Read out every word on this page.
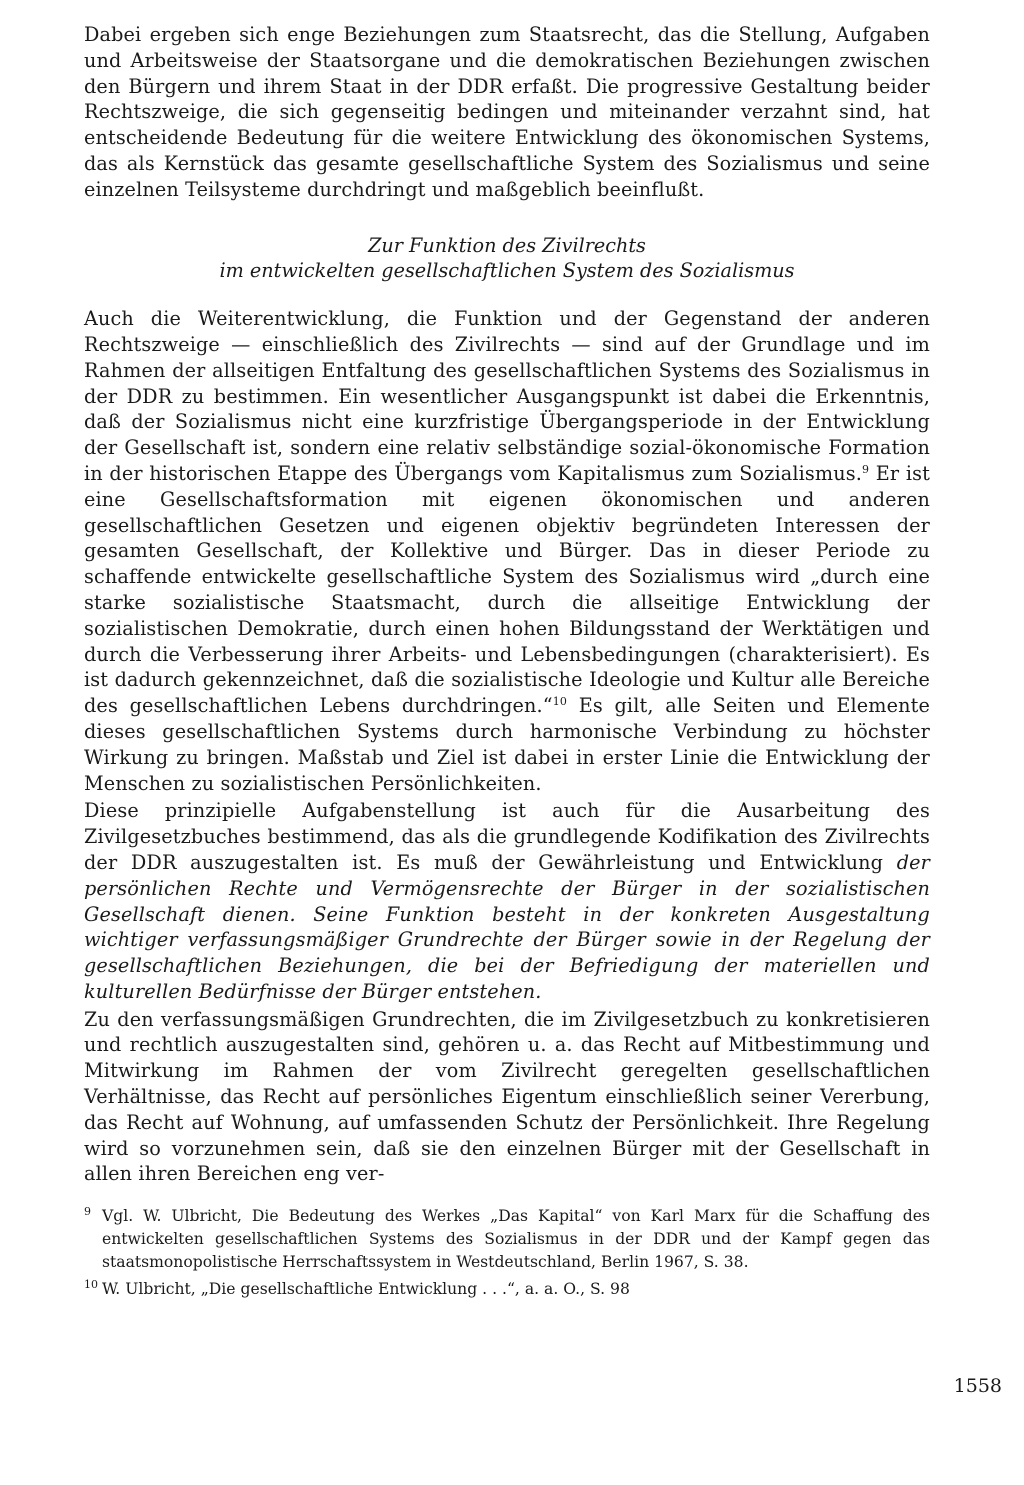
Dabei ergeben sich enge Beziehungen zum Staatsrecht, das die Stellung, Aufgaben und Arbeitsweise der Staatsorgane und die demokratischen Beziehungen zwischen den Bürgern und ihrem Staat in der DDR erfaßt. Die progressive Gestaltung beider Rechtszweige, die sich gegenseitig bedingen und miteinander verzahnt sind, hat entscheidende Bedeutung für die weitere Entwicklung des ökonomischen Systems, das als Kernstück das gesamte gesellschaftliche System des Sozialismus und seine einzelnen Teilsysteme durchdringt und maßgeblich beeinflußt.

Zur Funktion des Zivilrechts
im entwickelten gesellschaftlichen System des Sozialismus

Auch die Weiterentwicklung, die Funktion und der Gegenstand der anderen Rechtszweige — einschließlich des Zivilrechts — sind auf der Grundlage und im Rahmen der allseitigen Entfaltung des gesellschaftlichen Systems des Sozialismus in der DDR zu bestimmen. Ein wesentlicher Ausgangspunkt ist dabei die Erkenntnis, daß der Sozialismus nicht eine kurzfristige Übergangsperiode in der Entwicklung der Gesellschaft ist, sondern eine relativ selbständige sozial-ökonomische Formation in der historischen Etappe des Übergangs vom Kapitalismus zum Sozialismus.$^9$ Er ist eine Gesellschaftsformation mit eigenen ökonomischen und anderen gesellschaftlichen Gesetzen und eigenen objektiv begründeten Interessen der gesamten Gesellschaft, der Kollektive und Bürger. Das in dieser Periode zu schaffende entwickelte gesellschaftliche System des Sozialismus wird „durch eine starke sozialistische Staatsmacht, durch die allseitige Entwicklung der sozialistischen Demokratie, durch einen hohen Bildungsstand der Werktätigen und durch die Verbesserung ihrer Arbeits- und Lebensbedingungen (charakterisiert). Es ist dadurch gekennzeichnet, daß die sozialistische Ideologie und Kultur alle Bereiche des gesellschaftlichen Lebens durchdringen.“$^{10}$ Es gilt, alle Seiten und Elemente dieses gesellschaftlichen Systems durch harmonische Verbindung zu höchster Wirkung zu bringen. Maßstab und Ziel ist dabei in erster Linie die Entwicklung der Menschen zu sozialistischen Persönlichkeiten.

Diese prinzipielle Aufgabenstellung ist auch für die Ausarbeitung des Zivilgesetzbuches bestimmend, das als die grundlegende Kodifikation des Zivilrechts der DDR auszugestalten ist. Es muß der Gewährleistung und Entwicklung der persönlichen Rechte und Vermögensrechte der Bürger in der sozialistischen Gesellschaft dienen. Seine Funktion besteht in der konkreten Ausgestaltung wichtiger verfassungsmäßiger Grundrechte der Bürger sowie in der Regelung der gesellschaftlichen Beziehungen, die bei der Befriedigung der materiellen und kulturellen Bedürfnisse der Bürger entstehen.

Zu den verfassungsmäßigen Grundrechten, die im Zivilgesetzbuch zu konkretisieren und rechtlich auszugestalten sind, gehören u. a. das Recht auf Mitbestimmung und Mitwirkung im Rahmen der vom Zivilrecht geregelten gesellschaftlichen Verhältnisse, das Recht auf persönliches Eigentum einschließlich seiner Vererbung, das Recht auf Wohnung, auf umfassenden Schutz der Persönlichkeit. Ihre Regelung wird so vorzunehmen sein, daß sie den einzelnen Bürger mit der Gesellschaft in allen ihren Bereichen eng ver-

9 Vgl. W. Ulbricht, Die Bedeutung des Werkes „Das Kapital“ von Karl Marx für die Schaffung des entwickelten gesellschaftlichen Systems des Sozialismus in der DDR und der Kampf gegen das staatsmonopolistische Herrschaftssystem in Westdeutschland, Berlin 1967, S. 38.

10 W. Ulbricht, „Die gesellschaftliche Entwicklung . . .“, a. a. O., S. 98

1558
